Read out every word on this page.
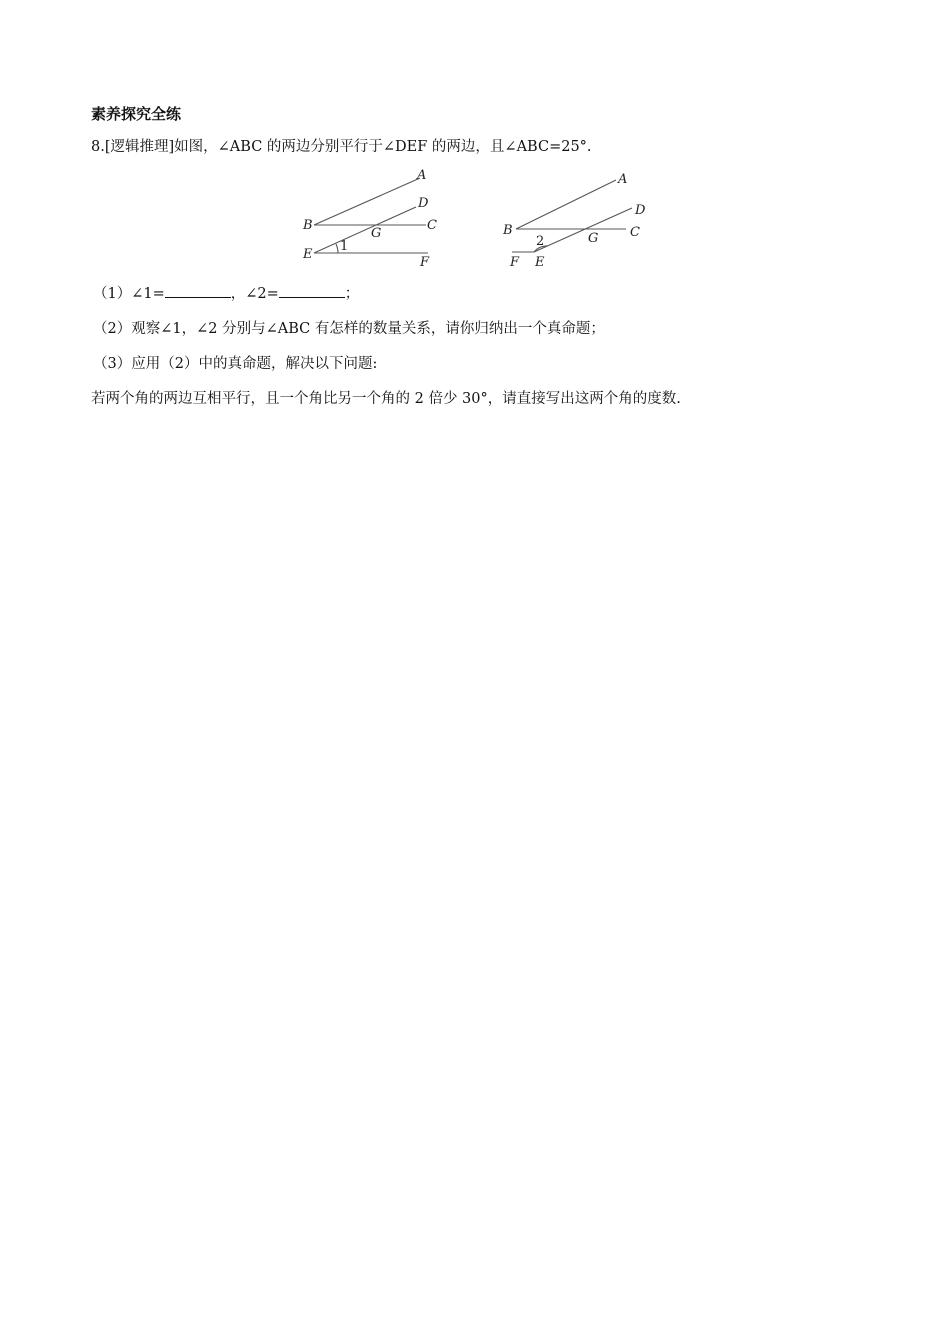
素养探究全练
8.[逻辑推理]如图，∠ABC 的两边分别平行于∠DEF 的两边，且∠ABC=25°.
A
B	C
D
E
F
G
1
A
B	C
D
E
F
G
2
（1）∠1=	，∠2=	；
（2）观察∠1，∠2 分别与∠ABC 有怎样的数量关系，请你归纳出一个真命题；
（3）应用（2）中的真命题，解决以下问题:
若两个角的两边互相平行，且一个角比另一个角的 2 倍少 30°，请直接写出这两个角的度数.
